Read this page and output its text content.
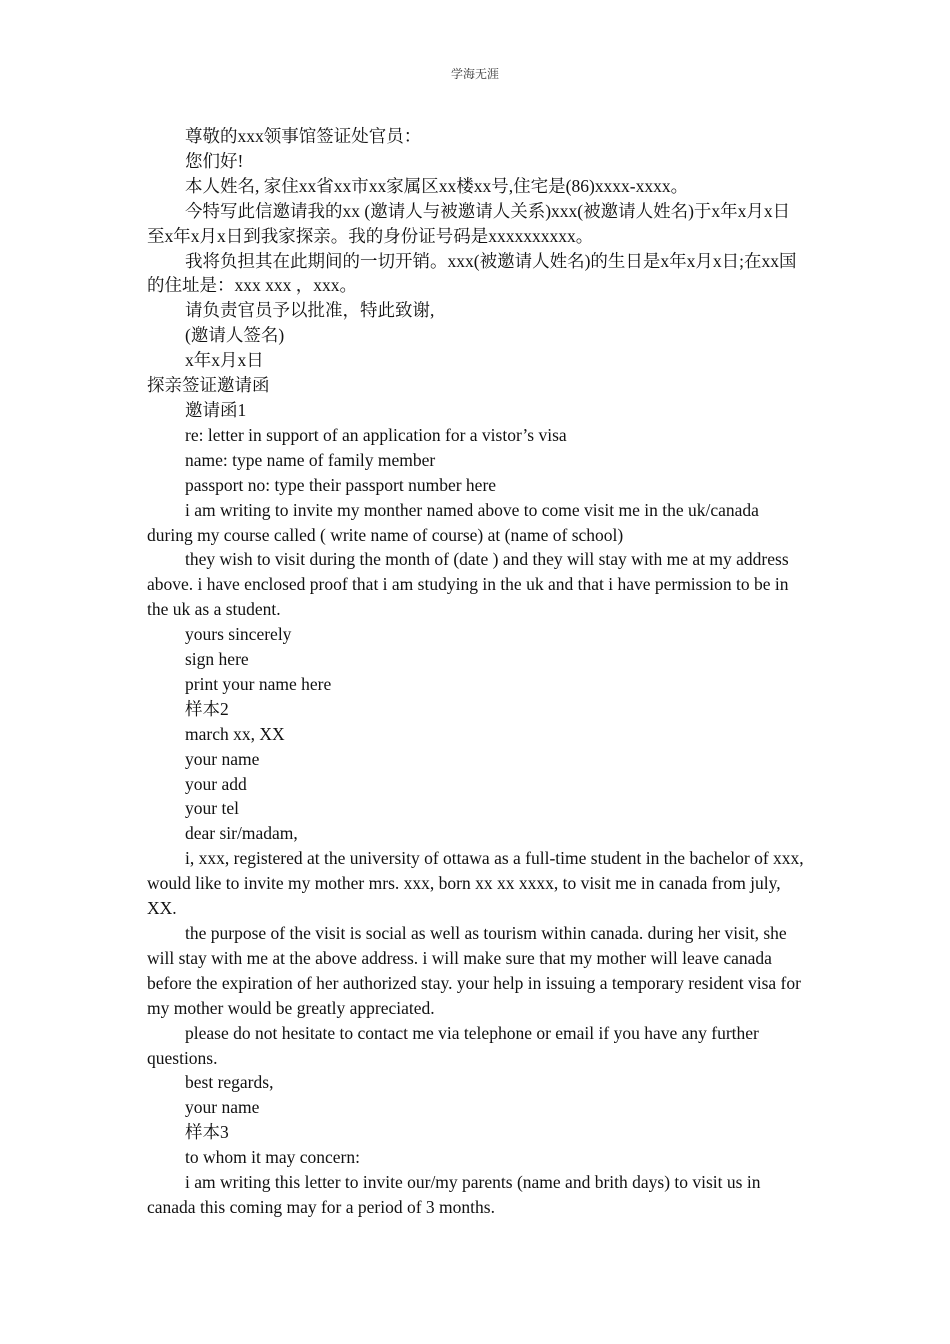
学海无涯

尊敬的xxx领事馆签证处官员：

您们好!

本人姓名, 家住xx省xx市xx家属区xx楼xx号,住宅是(86)xxxx-xxxx。

今特写此信邀请我的xx (邀请人与被邀请人关系)xxx(被邀请人姓名)于x年x月x日至x年x月x日到我家探亲。我的身份证号码是xxxxxxxxxx。

我将负担其在此期间的一切开销。xxx(被邀请人姓名)的生日是x年x月x日;在xx国的住址是：xxx xxx ，xxx。

请负责官员予以批准，特此致谢,

(邀请人签名)

x年x月x日

探亲签证邀请函

邀请函1

re: letter in support of an application for a vistor’s visa

name: type name of family member

passport no: type their passport number here

i am writing to invite my monther named above to come visit me in the uk/canada during my course called ( write name of course) at (name of school)

they wish to visit during the month of (date ) and they will stay with me at my address above. i have enclosed proof that i am studying in the uk and that i have permission to be in the uk as a student.

yours sincerely

sign here

print your name here

样本2

march xx, XX

your name

your add

your tel

dear sir/madam,

i, xxx, registered at the university of ottawa as a full-time student in the bachelor of xxx, would like to invite my mother mrs. xxx, born xx xx xxxx, to visit me in canada from july, XX.

the purpose of the visit is social as well as tourism within canada. during her visit, she will stay with me at the above address. i will make sure that my mother will leave canada before the expiration of her authorized stay. your help in issuing a temporary resident visa for my mother would be greatly appreciated.

please do not hesitate to contact me via telephone or email if you have any further questions.

best regards,

your name

样本3

to whom it may concern:

i am writing this letter to invite our/my parents (name and brith days) to visit us in canada this coming may for a period of 3 months.
